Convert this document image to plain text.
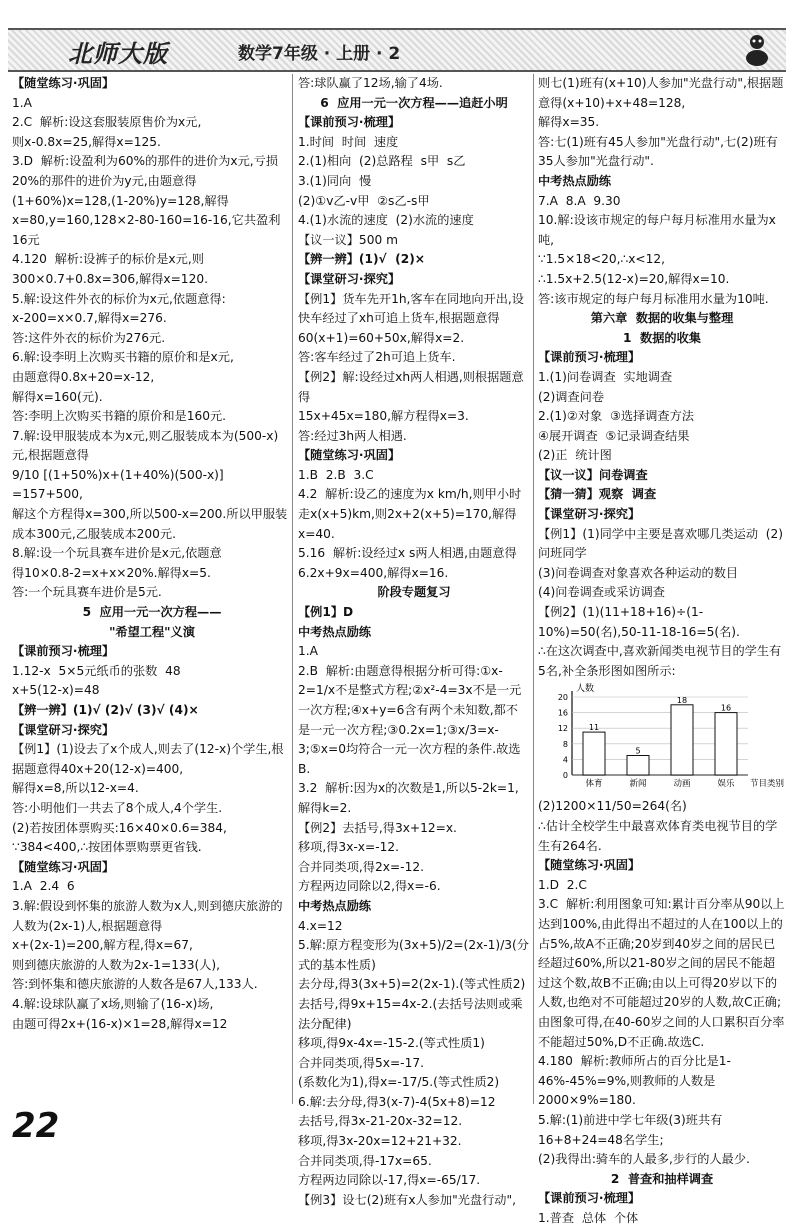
北师大版	数学7年级 · 上册 · 2

【随堂练习·巩固】

1.A

2.C  解析:设这套服装原售价为x元,

则x-0.8x=25,解得x=125.

3.D  解析:设盈利为60%的那件的进价为x元,亏损20%的那件的进价为y元,由题意得(1+60%)x=128,(1-20%)y=128,解得x=80,y=160,128×2-80-160=16-16,它共盈利16元

4.120  解析:设裤子的标价是x元,则300×0.7+0.8x=306,解得x=120.

5.解:设这件外衣的标价为x元,依题意得:

x-200=x×0.7,解得x=276.

答:这件外衣的标价为276元.

6.解:设李明上次购买书籍的原价和是x元,

由题意得0.8x+20=x-12,

解得x=160(元).

答:李明上次购买书籍的原价和是160元.

7.解:设甲服装成本为x元,则乙服装成本为(500-x)元,根据题意得

9/10 [(1+50%)x+(1+40%)(500-x)]

=157+500,

解这个方程得x=300,所以500-x=200.所以甲服装成本300元,乙服装成本200元.

8.解:设一个玩具赛车进价是x元,依题意

得10×0.8-2=x+x×20%.解得x=5.

答:一个玩具赛车进价是5元.

5  应用一元一次方程——

"希望工程"义演

【课前预习·梳理】

1.12-x  5×5元纸币的张数  48

x+5(12-x)=48

【辨一辨】(1)√ (2)√ (3)√ (4)×

【课堂研习·探究】

【例1】(1)设去了x个成人,则去了(12-x)个学生,根据题意得40x+20(12-x)=400,

解得x=8,所以12-x=4.

答:小明他们一共去了8个成人,4个学生.

(2)若按团体票购买:16×40×0.6=384,

∵384<400,∴按团体票购票更省钱.

【随堂练习·巩固】

1.A  2.4  6

3.解:假设到怀集的旅游人数为x人,则到德庆旅游的人数为(2x-1)人,根据题意得

x+(2x-1)=200,解方程,得x=67,

则到德庆旅游的人数为2x-1=133(人),

答:到怀集和德庆旅游的人数各是67人,133人.

4.解:设球队赢了x场,则输了(16-x)场,

由题可得2x+(16-x)×1=28,解得x=12

答:球队赢了12场,输了4场.

6  应用一元一次方程——追赶小明

【课前预习·梳理】

1.时间  时间  速度

2.(1)相向  (2)总路程  s甲  s乙

3.(1)同向  慢

(2)①v乙-v甲  ②s乙-s甲

4.(1)水流的速度  (2)水流的速度

【议一议】500 m

【辨一辨】(1)√  (2)×

【课堂研习·探究】

【例1】货车先开1h,客车在同地向开出,设快车经过了xh可追上货车,根据题意得60(x+1)=60+50x,解得x=2.

答:客车经过了2h可追上货车.

【例2】解:设经过xh两人相遇,则根据题意得

15x+45x=180,解方程得x=3.

答:经过3h两人相遇.

【随堂练习·巩固】

1.B  2.B  3.C

4.2  解析:设乙的速度为x km/h,则甲小时走x(x+5)km,则2x+2(x+5)=170,解得x=40.

5.16  解析:设经过x s两人相遇,由题意得

6.2x+9x=400,解得x=16.

阶段专题复习

【例1】D

中考热点励练

1.A

2.B  解析:由题意得根据分析可得:①x-2=1/x不是整式方程;②x²-4=3x不是一元一次方程;④x+y=6含有两个未知数,都不是一元一次方程;③0.2x=1;③x/3=x-3;⑤x=0均符合一元一次方程的条件.故选B.

3.2  解析:因为x的次数是1,所以5-2k=1,解得k=2.

【例2】去括号,得3x+12=x.

移项,得3x-x=-12.

合并同类项,得2x=-12.

方程两边同除以2,得x=-6.

中考热点励练

4.x=12

5.解:原方程变形为(3x+5)/2=(2x-1)/3(分式的基本性质)

去分母,得3(3x+5)=2(2x-1).(等式性质2)

去括号,得9x+15=4x-2.(去括号法则或乘法分配律)

移项,得9x-4x=-15-2.(等式性质1)

合并同类项,得5x=-17.

(系数化为1),得x=-17/5.(等式性质2)

6.解:去分母,得3(x-7)-4(5x+8)=12

去括号,得3x-21-20x-32=12.

移项,得3x-20x=12+21+32.

合并同类项,得-17x=65.

方程两边同除以-17,得x=-65/17.

【例3】设七(2)班有x人参加"光盘行动",

则七(1)班有(x+10)人参加"光盘行动",根据题意得(x+10)+x+48=128,

解得x=35.

答:七(1)班有45人参加"光盘行动",七(2)班有35人参加"光盘行动".

中考热点励练

7.A  8.A  9.30

10.解:设该市规定的每户每月标准用水量为x吨,

∵1.5×18<20,∴x<12,

∴1.5x+2.5(12-x)=20,解得x=10.

答:该市规定的每户每月标准用水量为10吨.

第六章  数据的收集与整理

1  数据的收集

【课前预习·梳理】

1.(1)问卷调查  实地调查

(2)调查问卷

2.(1)②对象  ③选择调查方法

④展开调查  ⑤记录调查结果

(2)正  统计图

【议一议】问卷调查

【猜一猜】观察  调查

【课堂研习·探究】

【例1】(1)同学中主要是喜欢哪几类运动  (2)问班同学

(3)问卷调查对象喜欢各种运动的数目

(4)问卷调查或采访调查

【例2】(1)(11+18+16)÷(1-10%)=50(名),50-11-18-16=5(名).

∴在这次调查中,喜欢新闻类电视节目的学生有5名,补全条形图如图所示:

0
4
8
12
16
20
人数
11
体育
5
新闻
18
动画
16
娱乐 节目类别

(2)1200×11/50=264(名)

∴估计全校学生中最喜欢体育类电视节目的学生有264名.

【随堂练习·巩固】

1.D  2.C

3.C  解析:利用图象可知:累计百分率从90以上达到100%,由此得出不超过的人在100以上的占5%,故A不正确;20岁到40岁之间的居民已经超过60%,所以21-80岁之间的居民不能超过这个数,故B不正确;由以上可得20岁以下的人数,也绝对不可能超过20岁的人数,故C正确;由图象可得,在40-60岁之间的人口累积百分率不能超过50%,D不正确.故选C.

4.180  解析:教师所占的百分比是1-46%-45%=9%,则教师的人数是2000×9%=180.

5.解:(1)前进中学七年级(3)班共有16+8+24=48名学生;

(2)我得出:骑车的人最多,步行的人最少.

2  普查和抽样调查

【课前预习·梳理】

1.普查  总体  个体

22
